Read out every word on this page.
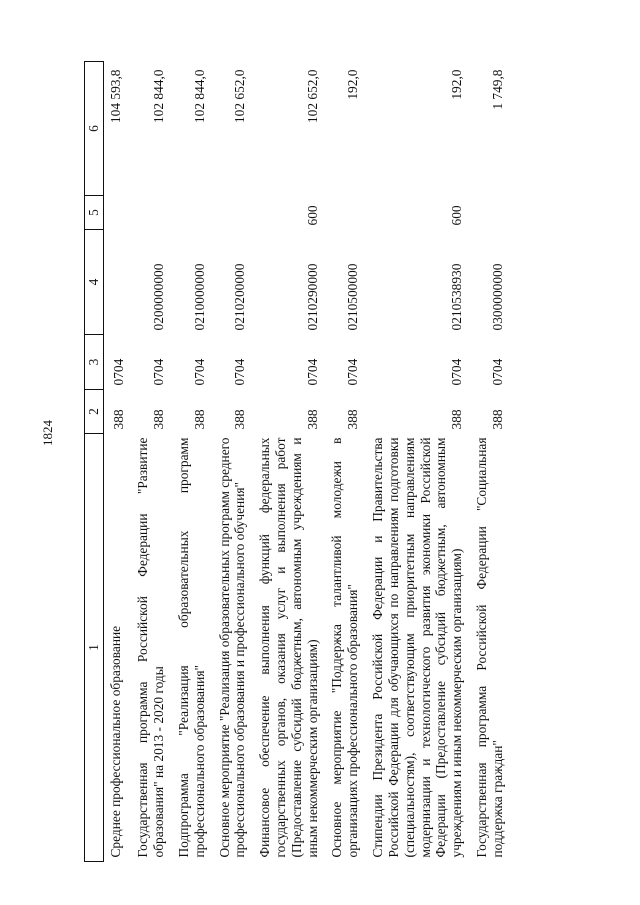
1824
1	2	3	4	5	6
Среднее профессиональное образование	388	0704			104 593,8
Государственная программа Российской Федерации "Развитие образования" на 2013 - 2020 годы	388	0704	0200000000		102 844,0
Подпрограмма "Реализация образовательных программ профессионального образования"	388	0704	0210000000		102 844,0
Основное мероприятие "Реализация образовательных программ среднего профессионального образования и профессионального обучения"	388	0704	0210200000		102 652,0
Финансовое обеспечение выполнения функций федеральных государственных органов, оказания услуг и выполнения работ (Предоставление субсидий бюджетным, автономным учреждениям и иным некоммерческим организациям)	388	0704	0210290000	600	102 652,0
Основное мероприятие "Поддержка талантливой молодежи в организациях профессионального образования"	388	0704	0210500000		192,0
Стипендии Президента Российской Федерации и Правительства Российской Федерации для обучающихся по направлениям подготовки (специальностям), соответствующим приоритетным направлениям модернизации и технологического развития экономики Российской Федерации (Предоставление субсидий бюджетным, автономным учреждениям и иным некоммерческим организациям)	388	0704	0210538930	600	192,0
Государственная программа Российской Федерации "Социальная поддержка граждан"	388	0704	0300000000		1 749,8
